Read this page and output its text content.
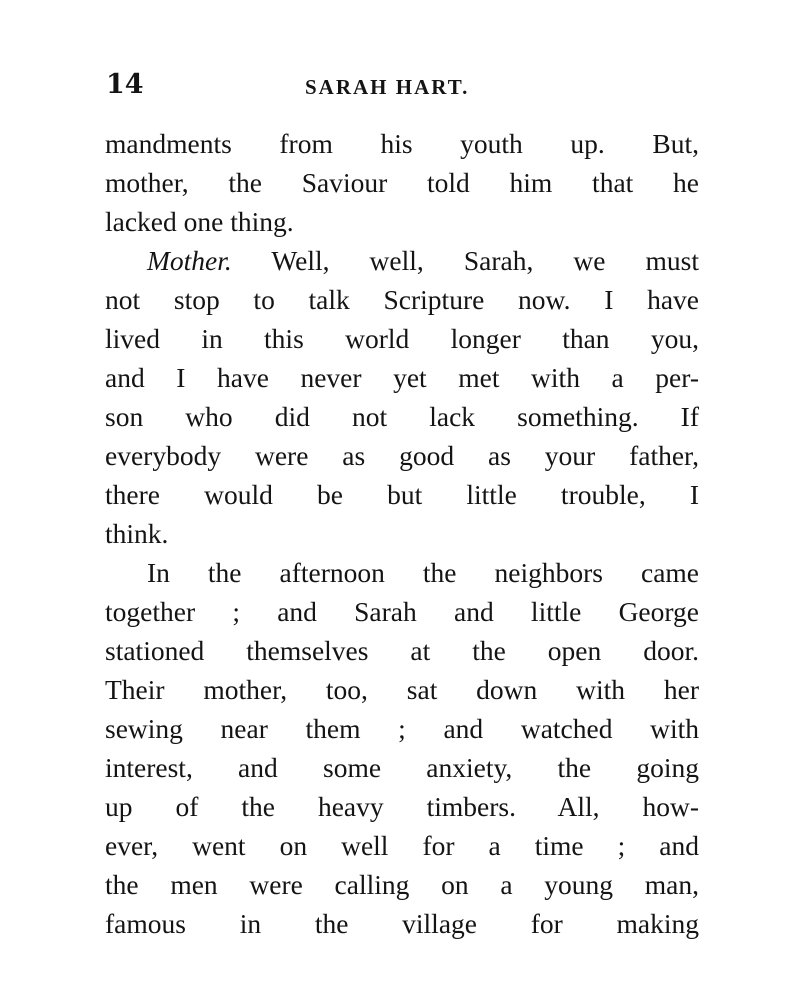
14	SARAH HART.
mandments from his youth up. But,
mother, the Saviour told him that he
lacked one thing.
Mother. Well, well, Sarah, we must
not stop to talk Scripture now. I have
lived in this world longer than you,
and I have never yet met with a per-
son who did not lack something. If
everybody were as good as your father,
there would be but little trouble, I
think.
In the afternoon the neighbors came
together ; and Sarah and little George
stationed themselves at the open door.
Their mother, too, sat down with her
sewing near them ; and watched with
interest, and some anxiety, the going
up of the heavy timbers. All, how-
ever, went on well for a time ; and
the men were calling on a young man,
famous in the village for making
